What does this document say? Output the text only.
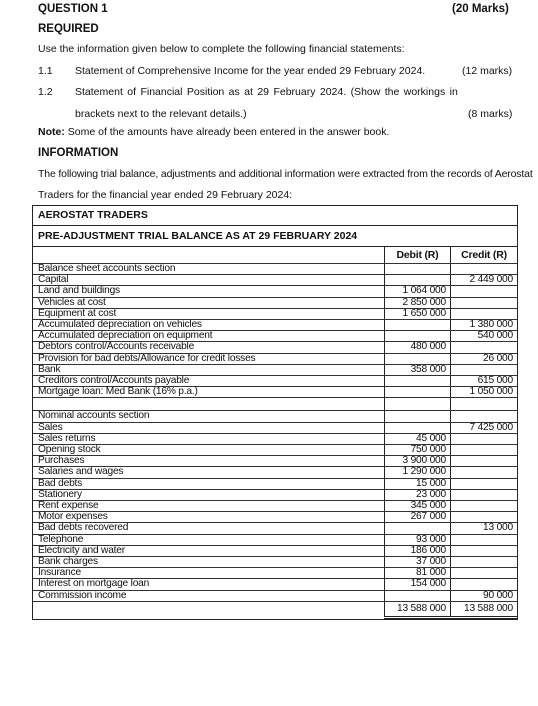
QUESTION 1	(20 Marks)
REQUIRED
Use the information given below to complete the following financial statements:
1.1 Statement of Comprehensive Income for the year ended 29 February 2024.	(12 marks)
1.2 Statement of Financial Position as at 29 February 2024. (Show the workings in
brackets next to the relevant details.)	(8 marks)
Note: Some of the amounts have already been entered in the answer book.
INFORMATION
The following trial balance, adjustments and additional information were extracted from the records of Aerostat
Traders for the financial year ended 29 February 2024:
AEROSTAT TRADERS
PRE-ADJUSTMENT TRIAL BALANCE AS AT 29 FEBRUARY 2024
	Debit (R)	Credit (R)
Balance sheet accounts section		
Capital		2 449 000
Land and buildings	1 064 000	
Vehicles at cost	2 850 000	
Equipment at cost	1 650 000	
Accumulated depreciation on vehicles		1 380 000
Accumulated depreciation on equipment		540 000
Debtors control/Accounts receivable	480 000	
Provision for bad debts/Allowance for credit losses		26 000
Bank	358 000	
Creditors control/Accounts payable		615 000
Mortgage loan: Med Bank (16% p.a.)		1 050 000

Nominal accounts section		
Sales		7 425 000
Sales returns	45 000	
Opening stock	750 000	
Purchases	3 900 000	
Salaries and wages	1 290 000	
Bad debts	15 000	
Stationery	23 000	
Rent expense	345 000	
Motor expenses	267 000	
Bad debts recovered		13 000
Telephone	93 000	
Electricity and water	186 000	
Bank charges	37 000	
Insurance	81 000	
Interest on mortgage loan	154 000	
Commission income		90 000
	13 588 000	13 588 000
